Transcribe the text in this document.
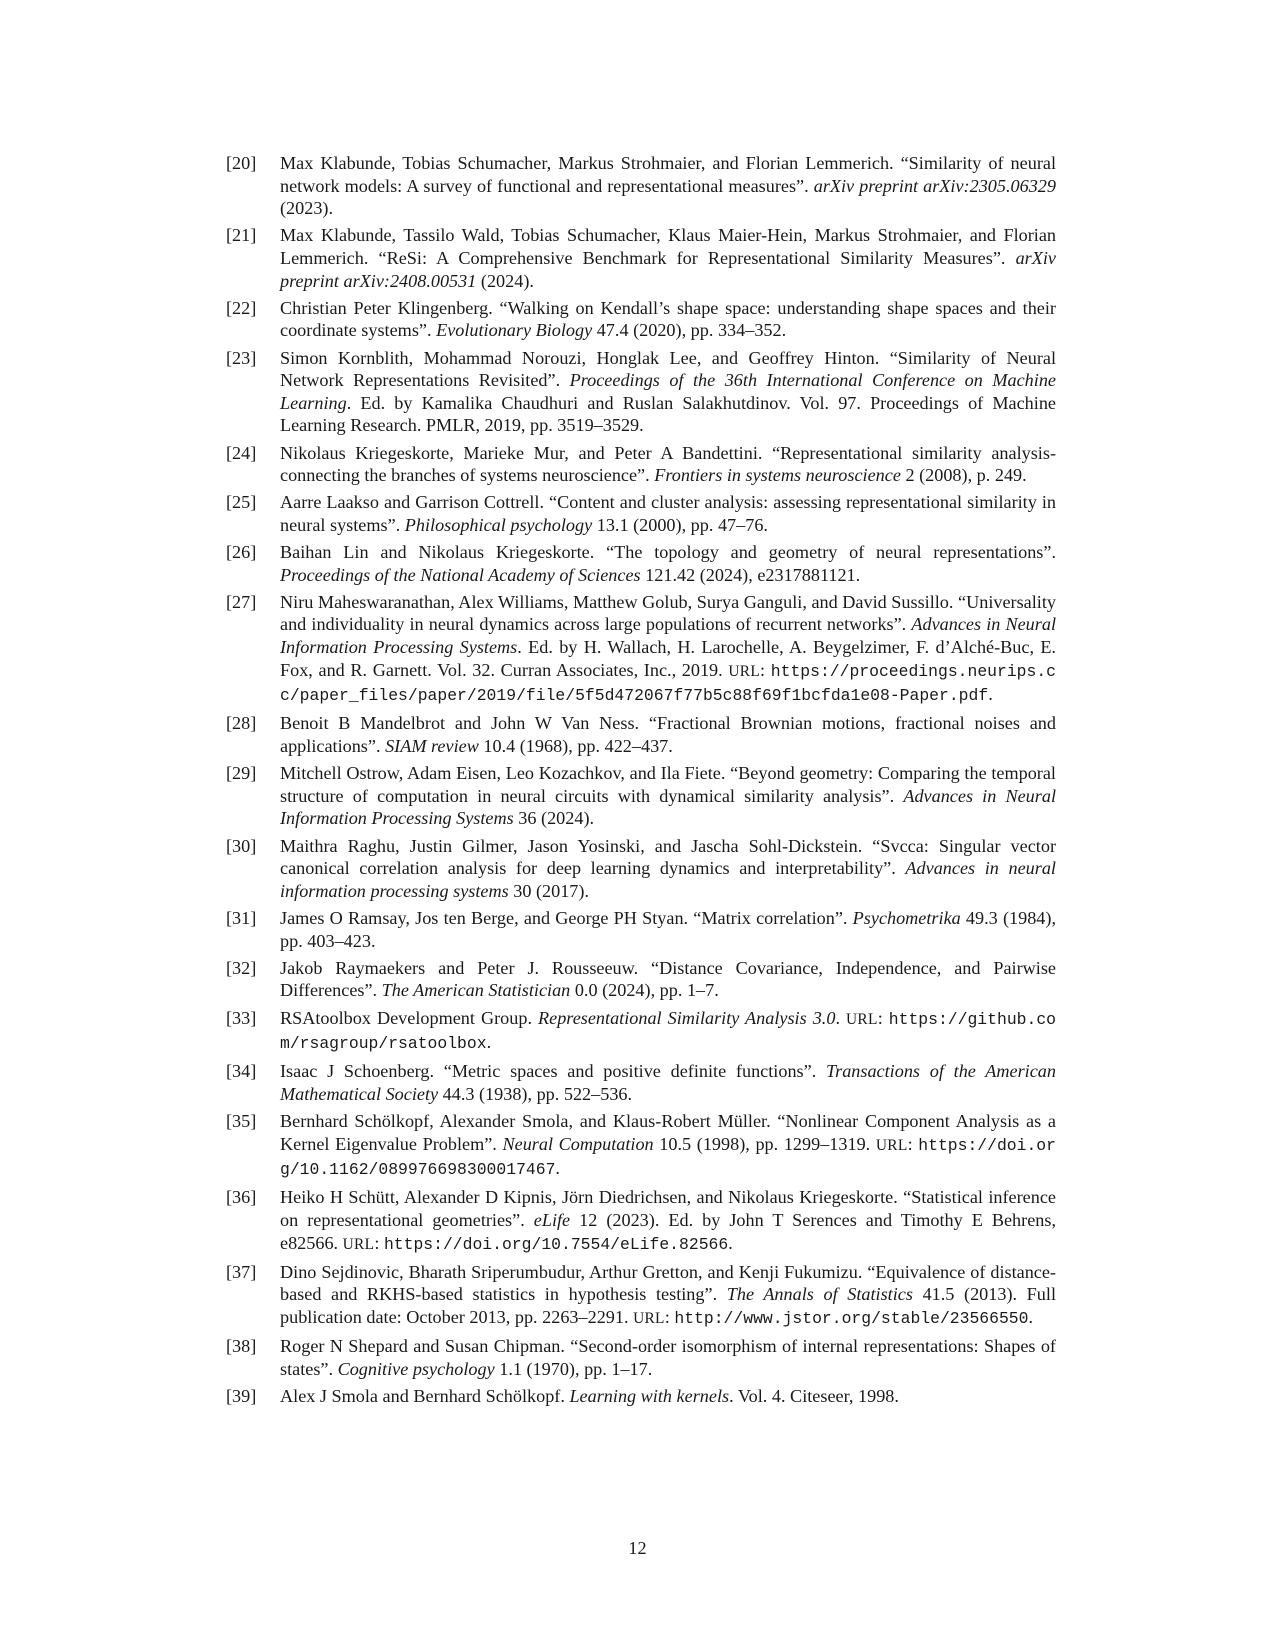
[20]	Max Klabunde, Tobias Schumacher, Markus Strohmaier, and Florian Lemmerich. “Similarity of neural network models: A survey of functional and representational measures”. arXiv preprint arXiv:2305.06329 (2023).
[21]	Max Klabunde, Tassilo Wald, Tobias Schumacher, Klaus Maier-Hein, Markus Strohmaier, and Florian Lemmerich. “ReSi: A Comprehensive Benchmark for Representational Similarity Measures”. arXiv preprint arXiv:2408.00531 (2024).
[22]	Christian Peter Klingenberg. “Walking on Kendall’s shape space: understanding shape spaces and their coordinate systems”. Evolutionary Biology 47.4 (2020), pp. 334–352.
[23]	Simon Kornblith, Mohammad Norouzi, Honglak Lee, and Geoffrey Hinton. “Similarity of Neural Network Representations Revisited”. Proceedings of the 36th International Conference on Machine Learning. Ed. by Kamalika Chaudhuri and Ruslan Salakhutdinov. Vol. 97. Proceedings of Machine Learning Research. PMLR, 2019, pp. 3519–3529.
[24]	Nikolaus Kriegeskorte, Marieke Mur, and Peter A Bandettini. “Representational similarity analysis-connecting the branches of systems neuroscience”. Frontiers in systems neuroscience 2 (2008), p. 249.
[25]	Aarre Laakso and Garrison Cottrell. “Content and cluster analysis: assessing representational similarity in neural systems”. Philosophical psychology 13.1 (2000), pp. 47–76.
[26]	Baihan Lin and Nikolaus Kriegeskorte. “The topology and geometry of neural representations”. Proceedings of the National Academy of Sciences 121.42 (2024), e2317881121.
[27]	Niru Maheswaranathan, Alex Williams, Matthew Golub, Surya Ganguli, and David Sussillo. “Universality and individuality in neural dynamics across large populations of recurrent networks”. Advances in Neural Information Processing Systems. Ed. by H. Wallach, H. Larochelle, A. Beygelzimer, F. d’Alché-Buc, E. Fox, and R. Garnett. Vol. 32. Curran Associates, Inc., 2019. URL: https://proceedings.neurips.cc/paper_files/paper/2019/file/5f5d472067f77b5c88f69f1bcfda1e08-Paper.pdf.
[28]	Benoit B Mandelbrot and John W Van Ness. “Fractional Brownian motions, fractional noises and applications”. SIAM review 10.4 (1968), pp. 422–437.
[29]	Mitchell Ostrow, Adam Eisen, Leo Kozachkov, and Ila Fiete. “Beyond geometry: Comparing the temporal structure of computation in neural circuits with dynamical similarity analysis”. Advances in Neural Information Processing Systems 36 (2024).
[30]	Maithra Raghu, Justin Gilmer, Jason Yosinski, and Jascha Sohl-Dickstein. “Svcca: Singular vector canonical correlation analysis for deep learning dynamics and interpretability”. Advances in neural information processing systems 30 (2017).
[31]	James O Ramsay, Jos ten Berge, and George PH Styan. “Matrix correlation”. Psychometrika 49.3 (1984), pp. 403–423.
[32]	Jakob Raymaekers and Peter J. Rousseeuw. “Distance Covariance, Independence, and Pairwise Differences”. The American Statistician 0.0 (2024), pp. 1–7.
[33]	RSAtoolbox Development Group. Representational Similarity Analysis 3.0. URL: https://github.com/rsagroup/rsatoolbox.
[34]	Isaac J Schoenberg. “Metric spaces and positive definite functions”. Transactions of the American Mathematical Society 44.3 (1938), pp. 522–536.
[35]	Bernhard Schölkopf, Alexander Smola, and Klaus-Robert Müller. “Nonlinear Component Analysis as a Kernel Eigenvalue Problem”. Neural Computation 10.5 (1998), pp. 1299–1319. URL: https://doi.org/10.1162/089976698300017467.
[36]	Heiko H Schütt, Alexander D Kipnis, Jörn Diedrichsen, and Nikolaus Kriegeskorte. “Statistical inference on representational geometries”. eLife 12 (2023). Ed. by John T Serences and Timothy E Behrens, e82566. URL: https://doi.org/10.7554/eLife.82566.
[37]	Dino Sejdinovic, Bharath Sriperumbudur, Arthur Gretton, and Kenji Fukumizu. “Equivalence of distance-based and RKHS-based statistics in hypothesis testing”. The Annals of Statistics 41.5 (2013). Full publication date: October 2013, pp. 2263–2291. URL: http://www.jstor.org/stable/23566550.
[38]	Roger N Shepard and Susan Chipman. “Second-order isomorphism of internal representations: Shapes of states”. Cognitive psychology 1.1 (1970), pp. 1–17.
[39]	Alex J Smola and Bernhard Schölkopf. Learning with kernels. Vol. 4. Citeseer, 1998.
12
